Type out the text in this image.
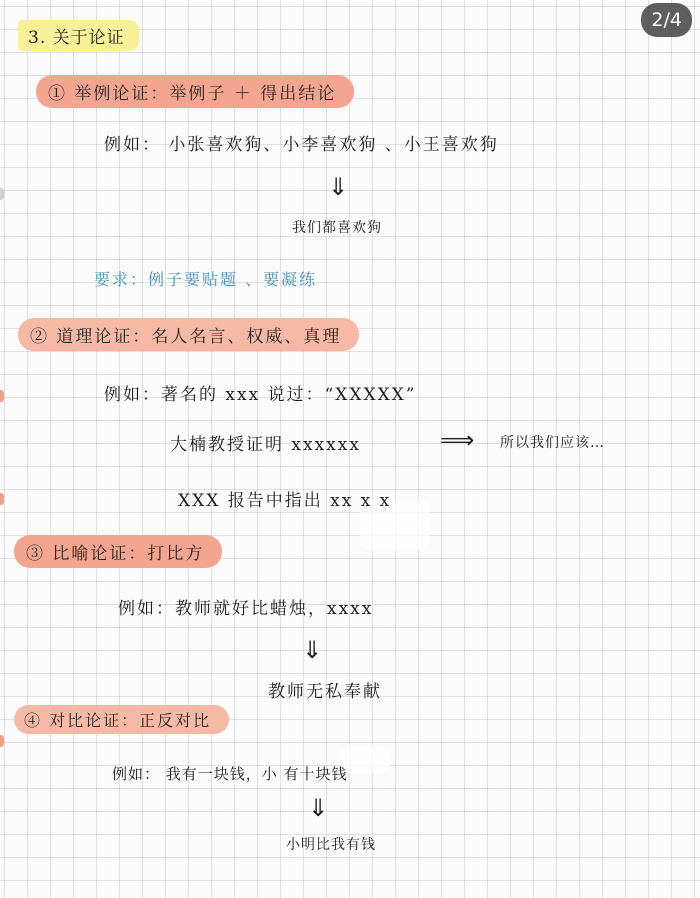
2/4
3. 关于论证
① 举例论证：举例子 ＋ 得出结论
例如： 小张喜欢狗、小李喜欢狗 、小王喜欢狗
⇓
我们都喜欢狗
要求：例子要贴题 、要凝练
② 道理论证：名人名言、权威、真理
例如：著名的 xxx 说过：“XXXXX”
大楠教授证明 xxxxxx	⟹ 所以我们应该…
XXX 报告中指出 xx x x
③ 比喻论证：打比方
例如：教师就好比蜡烛，xxxx
⇓
教师无私奉献
④ 对比论证：正反对比
例如： 我有一块钱，小 有十块钱
⇓
小明比我有钱
